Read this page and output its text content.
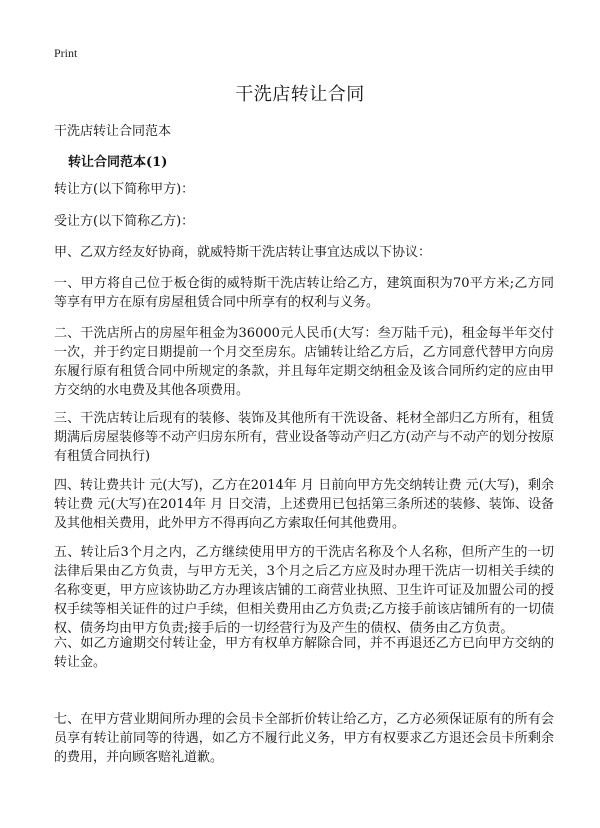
Print
干洗店转让合同
干洗店转让合同范本
转让合同范本(1)

转让方(以下简称甲方)：

受让方(以下简称乙方)：

甲、乙双方经友好协商，就威特斯干洗店转让事宜达成以下协议：

一、甲方将自己位于板仓街的威特斯干洗店转让给乙方，建筑面积为70平方米;乙方同等享有甲方在原有房屋租赁合同中所享有的权利与义务。

二、干洗店所占的房屋年租金为36000元人民币(大写：叁万陆千元)，租金每半年交付一次，并于约定日期提前一个月交至房东。店铺转让给乙方后，乙方同意代替甲方向房东履行原有租赁合同中所规定的条款，并且每年定期交纳租金及该合同所约定的应由甲方交纳的水电费及其他各项费用。

三、干洗店转让后现有的装修、装饰及其他所有干洗设备、耗材全部归乙方所有，租赁期满后房屋装修等不动产归房东所有，营业设备等动产归乙方(动产与不动产的划分按原有租赁合同执行)

四、转让费共计 元(大写)，乙方在2014年 月 日前向甲方先交纳转让费 元(大写)，剩余转让费 元(大写)在2014年 月 日交清，上述费用已包括第三条所述的装修、装饰、设备及其他相关费用，此外甲方不得再向乙方索取任何其他费用。

五、转让后3个月之内，乙方继续使用甲方的干洗店名称及个人名称，但所产生的一切法律后果由乙方负责，与甲方无关，3个月之后乙方应及时办理干洗店一切相关手续的名称变更，甲方应该协助乙方办理该店铺的工商营业执照、卫生许可证及加盟公司的授权手续等相关证件的过户手续，但相关费用由乙方负责;乙方接手前该店铺所有的一切债权、债务均由甲方负责;接手后的一切经营行为及产生的债权、债务由乙方负责。

六、如乙方逾期交付转让金，甲方有权单方解除合同，并不再退还乙方已向甲方交纳的转让金。

七、在甲方营业期间所办理的会员卡全部折价转让给乙方，乙方必须保证原有的所有会员享有转让前同等的待遇，如乙方不履行此义务，甲方有权要求乙方退还会员卡所剩余的费用，并向顾客赔礼道歉。
